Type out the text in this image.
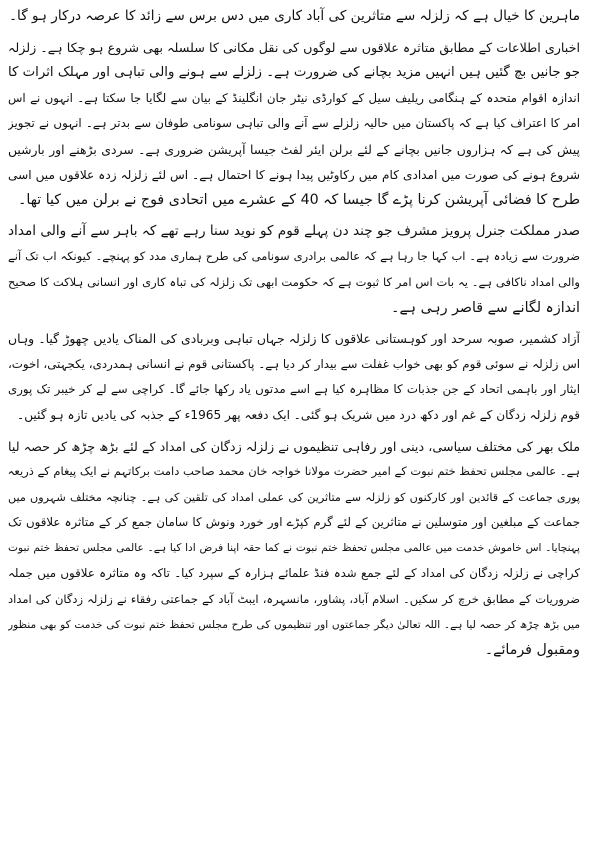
ماہرین کا خیال ہے کہ زلزلہ سے متاثرین کی آباد کاری میں دس برس سے زائد کا عرصہ درکار ہو گا۔
اخباری اطلاعات کے مطابق متاثرہ علاقوں سے لوگوں کی نقل مکانی کا سلسلہ بھی شروع ہو چکا ہے۔ زلزلہ
جو جانیں بچ گئیں ہیں انہیں مزید بچانے کی ضرورت ہے۔ زلزلے سے ہونے والی تباہی اور مہلک اثرات کا
اندازہ اقوام متحدہ کے ہنگامی ریلیف سیل کے کوارڈی نیٹر جان انگلینڈ کے بیان سے لگایا جا سکتا ہے۔ انہوں نے اس
امر کا اعتراف کیا ہے کہ پاکستان میں حالیہ زلزلے سے آنے والی تباہی سونامی طوفان سے بدتر ہے۔ انہوں نے تجویز
پیش کی ہے کہ ہزاروں جانیں بچانے کے لئے برلن ایئر لفٹ جیسا آپریشن ضروری ہے۔ سردی بڑھنے اور بارشیں
شروع ہونے کی صورت میں امدادی کام میں رکاوٹیں پیدا ہونے کا احتمال ہے۔ اس لئے زلزلہ زدہ علاقوں میں اسی
طرح کا فضائی آپریشن کرنا پڑے گا جیسا کہ 40 کے عشرے میں اتحادی فوج نے برلن میں کیا تھا۔
صدر مملکت جنرل پرویز مشرف جو چند دن پہلے قوم کو نوید سنا رہے تھے کہ باہر سے آنے والی امداد
ضرورت سے زیادہ ہے۔ اب کہا جا رہا ہے کہ عالمی برادری سونامی کی طرح ہماری مدد کو پہنچے۔ کیونکہ اب تک آنے
والی امداد ناکافی ہے۔ یہ بات اس امر کا ثبوت ہے کہ حکومت ابھی تک زلزلہ کی تباہ کاری اور انسانی ہلاکت کا صحیح
اندازہ لگانے سے قاصر رہی ہے۔
آزاد کشمیر، صوبہ سرحد اور کوہستانی علاقوں کا زلزلہ جہاں تباہی وبربادی کی المناک یادیں چھوڑ گیا۔ وہاں
اس زلزلہ نے سوئی قوم کو بھی خواب غفلت سے بیدار کر دیا ہے۔ پاکستانی قوم نے انسانی ہمدردی، یکجہتی، اخوت،
ایثار اور باہمی اتحاد کے جن جذبات کا مظاہرہ کیا ہے اسے مدتوں یاد رکھا جائے گا۔ کراچی سے لے کر خیبر تک پوری
قوم زلزلہ زدگان کے غم اور دکھ درد میں شریک ہو گئی۔ ایک دفعہ پھر 1965ء کے جذبہ کی یادیں تازہ ہو گئیں۔
ملک بھر کی مختلف سیاسی، دینی اور رفاہی تنظیموں نے زلزلہ زدگان کی امداد کے لئے بڑھ چڑھ کر حصہ لیا
ہے۔ عالمی مجلس تحفظ ختم نبوت کے امیر حضرت مولانا خواجہ خان محمد صاحب دامت برکاتہم نے ایک پیغام کے ذریعہ
پوری جماعت کے قائدین اور کارکنوں کو زلزلہ سے متاثرین کی عملی امداد کی تلقین کی ہے۔ چنانچہ مختلف شہروں میں
جماعت کے مبلغین اور متوسلین نے متاثرین کے لئے گرم کپڑے اور خورد ونوش کا سامان جمع کر کے متاثرہ علاقوں تک
پہنچایا۔ اس خاموش خدمت میں عالمی مجلس تحفظ ختم نبوت نے کما حقہ اپنا فرض ادا کیا ہے۔ عالمی مجلس تحفظ ختم نبوت
کراچی نے زلزلہ زدگان کی امداد کے لئے جمع شدہ فنڈ علمائے ہزارہ کے سپرد کیا۔ تاکہ وہ متاثرہ علاقوں میں جملہ
ضروریات کے مطابق خرچ کر سکیں۔ اسلام آباد، پشاور، مانسہرہ، ایبٹ آباد کے جماعتی رفقاء نے زلزلہ زدگان کی امداد
میں بڑھ چڑھ کر حصہ لیا ہے۔ اللہ تعالیٰ دیگر جماعتوں اور تنظیموں کی طرح مجلس تحفظ ختم نبوت کی خدمت کو بھی منظور
ومقبول فرمائے۔
